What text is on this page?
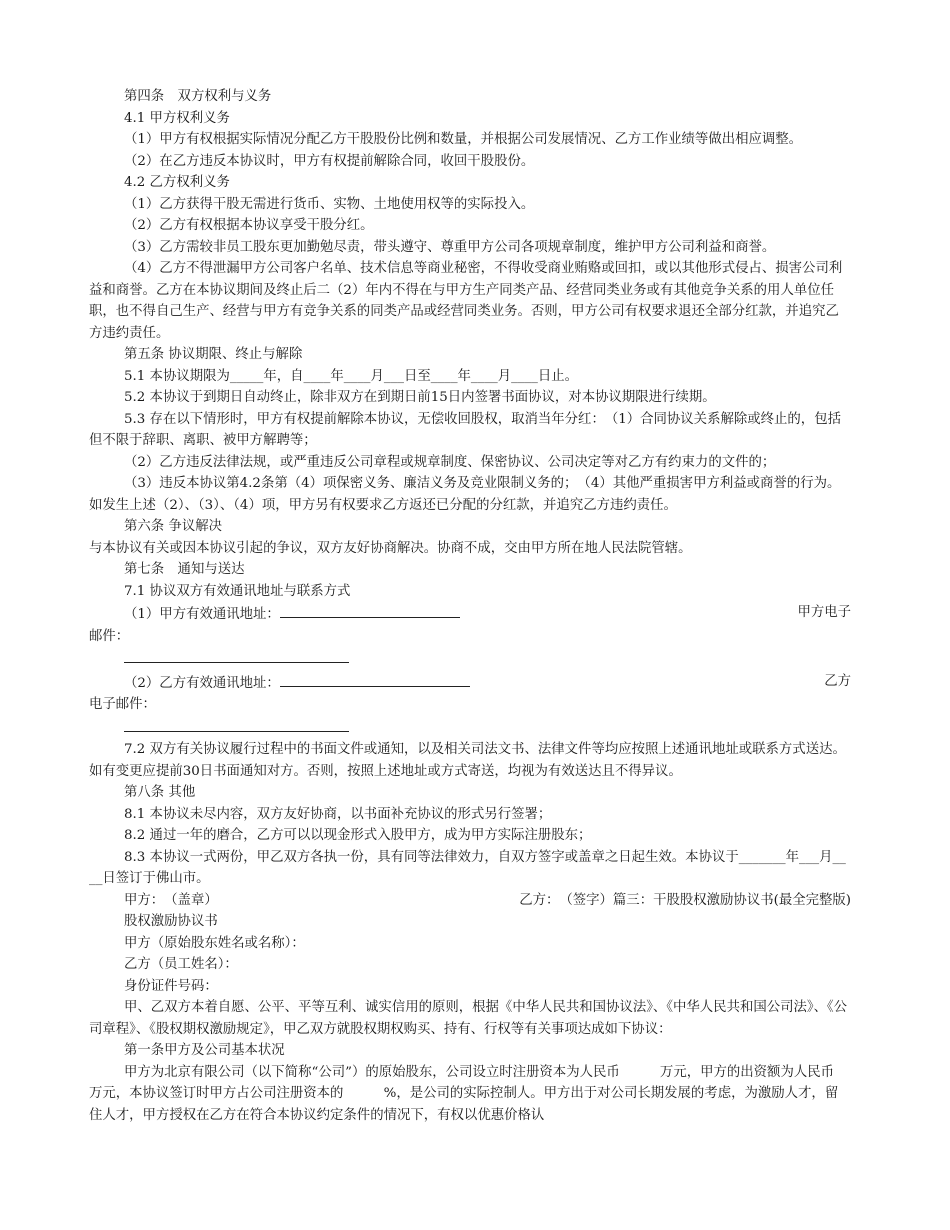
第四条　双方权利与义务

4.1 甲方权利义务

（1）甲方有权根据实际情况分配乙方干股股份比例和数量，并根据公司发展情况、乙方工作业绩等做出相应调整。

（2）在乙方违反本协议时，甲方有权提前解除合同，收回干股股份。

4.2 乙方权利义务

（1）乙方获得干股无需进行货币、实物、土地使用权等的实际投入。

（2）乙方有权根据本协议享受干股分红。

（3）乙方需较非员工股东更加勤勉尽责，带头遵守、尊重甲方公司各项规章制度，维护甲方公司利益和商誉。

（4）乙方不得泄漏甲方公司客户名单、技术信息等商业秘密，不得收受商业贿赂或回扣，或以其他形式侵占、损害公司利益和商誉。乙方在本协议期间及终止后二（2）年内不得在与甲方生产同类产品、经营同类业务或有其他竞争关系的用人单位任职，也不得自己生产、经营与甲方有竞争关系的同类产品或经营同类业务。否则，甲方公司有权要求退还全部分红款，并追究乙方违约责任。

第五条 协议期限、终止与解除

5.1 本协议期限为_____年，自____年____月___日至____年____月____日止。

5.2 本协议于到期日自动终止，除非双方在到期日前15日内签署书面协议，对本协议期限进行续期。

5.3 存在以下情形时，甲方有权提前解除本协议，无偿收回股权，取消当年分红：　（1）合同协议关系解除或终止的，包括但不限于辞职、离职、被甲方解聘等；

（2）乙方违反法律法规，或严重违反公司章程或规章制度、保密协议、公司决定等对乙方有约束力的文件的；

（3）违反本协议第4.2条第（4）项保密义务、廉洁义务及竞业限制义务的；　（4）其他严重损害甲方利益或商誉的行为。 如发生上述（2）、（3）、（4）项，甲方另有权要求乙方返还已分配的分红款，并追究乙方违约责任。

第六条 争议解决

与本协议有关或因本协议引起的争议，双方友好协商解决。协商不成，交由甲方所在地人民法院管辖。

第七条　通知与送达

7.1 协议双方有效通讯地址与联系方式

（1）甲方有效通讯地址：	甲方电子

邮件：

（2）乙方有效通讯地址：	乙方

电子邮件：

7.2 双方有关协议履行过程中的书面文件或通知，以及相关司法文书、法律文件等均应按照上述通讯地址或联系方式送达。如有变更应提前30日书面通知对方。否则，按照上述地址或方式寄送，均视为有效送达且不得异议。

第八条 其他

8.1 本协议未尽内容，双方友好协商，以书面补充协议的形式另行签署；

8.2 通过一年的磨合，乙方可以以现金形式入股甲方，成为甲方实际注册股东；

8.3 本协议一式两份，甲乙双方各执一份，具有同等法律效力，自双方签字或盖章之日起生效。本协议于_______年___月____日签订于佛山市。

甲方：　（盖章）	乙方：　（签字）篇三：干股股权激励协议书(最全完整版)

股权激励协议书

甲方（原始股东姓名或名称）：

乙方（员工姓名）：

身份证件号码：

甲、乙双方本着自愿、公平、平等互利、诚实信用的原则，根据《中华人民共和国协议法》、《中华人民共和国公司法》、《公司章程》、《股权期权激励规定》，甲乙双方就股权期权购买、持有、行权等有关事项达成如下协议：

第一条甲方及公司基本状况

甲方为北京有限公司（以下简称“公司”）的原始股东，公司设立时注册资本为人民币　　　万元，甲方的出资额为人民币　　　万元，本协议签订时甲方占公司注册资本的　　　%，是公司的实际控制人。甲方出于对公司长期发展的考虑，为激励人才，留住人才，甲方授权在乙方在符合本协议约定条件的情况下，有权以优惠价格认
